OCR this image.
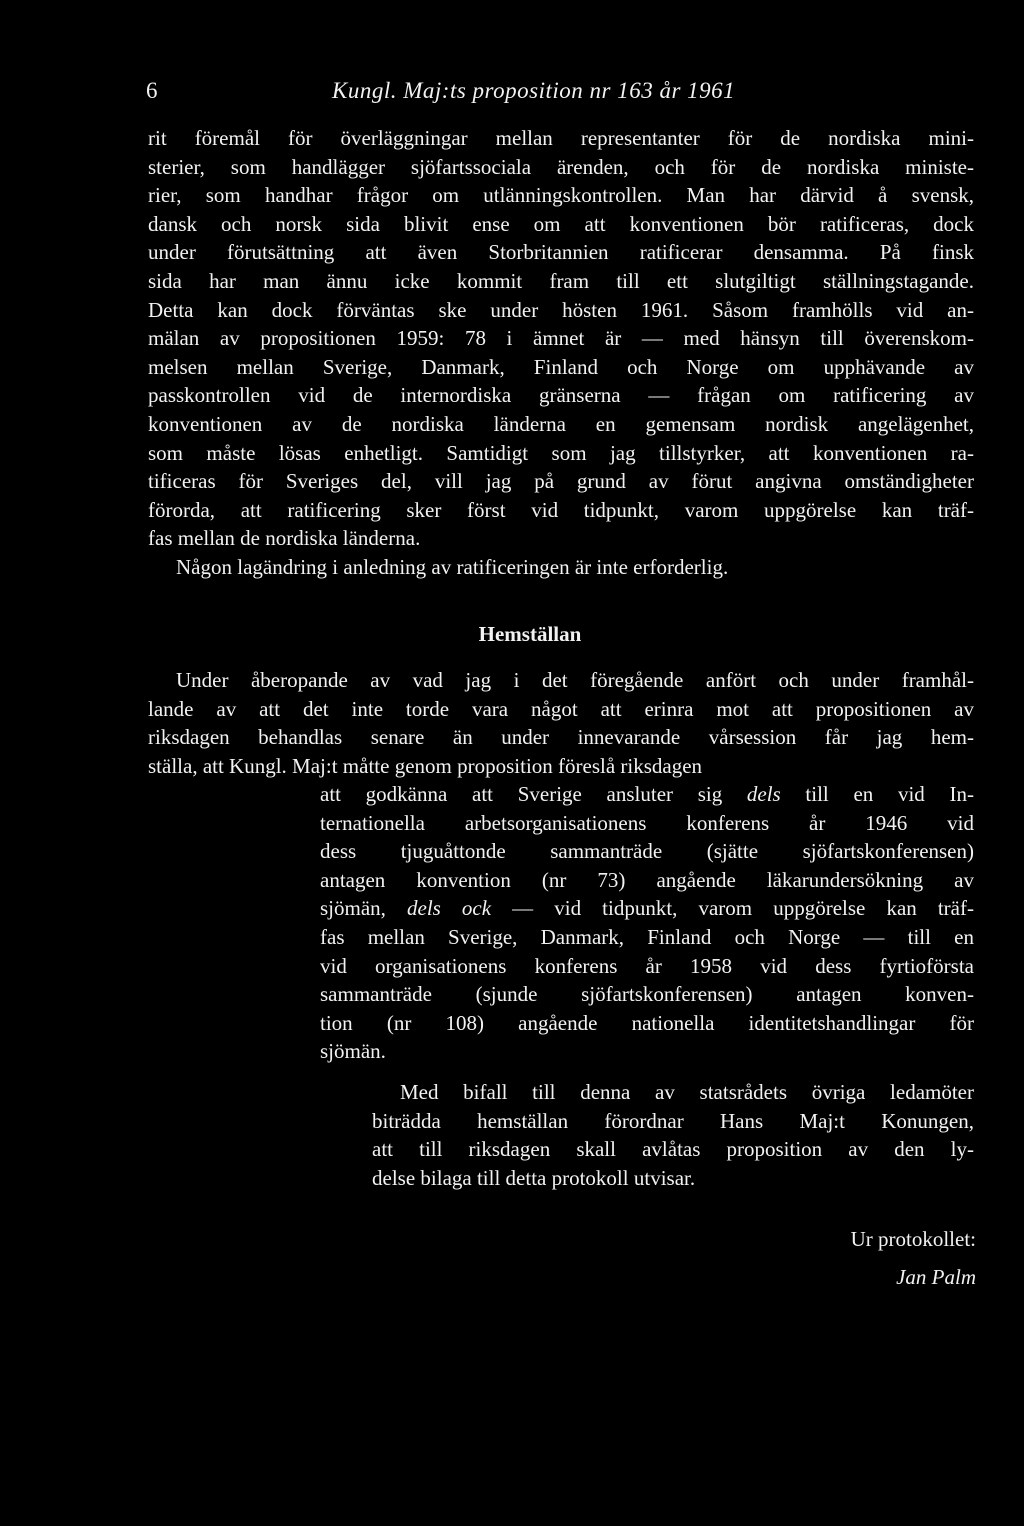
6	Kungl. Maj:ts proposition nr 163 år 1961
rit föremål för överläggningar mellan representanter för de nordiska mini-
sterier, som handlägger sjöfartssociala ärenden, och för de nordiska ministe-
rier, som handhar frågor om utlänningskontrollen. Man har därvid å svensk,
dansk och norsk sida blivit ense om att konventionen bör ratificeras, dock
under förutsättning att även Storbritannien ratificerar densamma. På finsk
sida har man ännu icke kommit fram till ett slutgiltigt ställningstagande.
Detta kan dock förväntas ske under hösten 1961. Såsom framhölls vid an-
mälan av propositionen 1959: 78 i ämnet är — med hänsyn till överenskom-
melsen mellan Sverige, Danmark, Finland och Norge om upphävande av
passkontrollen vid de internordiska gränserna — frågan om ratificering av
konventionen av de nordiska länderna en gemensam nordisk angelägenhet,
som måste lösas enhetligt. Samtidigt som jag tillstyrker, att konventionen ra-
tificeras för Sveriges del, vill jag på grund av förut angivna omständigheter
förorda, att ratificering sker först vid tidpunkt, varom uppgörelse kan träf-
fas mellan de nordiska länderna.
Någon lagändring i anledning av ratificeringen är inte erforderlig.
Hemställan
Under åberopande av vad jag i det föregående anfört och under framhål-
lande av att det inte torde vara något att erinra mot att propositionen av
riksdagen behandlas senare än under innevarande vårsession får jag hem-
ställa, att Kungl. Maj:t måtte genom proposition föreslå riksdagen
att godkänna att Sverige ansluter sig dels till en vid In-
ternationella arbetsorganisationens konferens år 1946 vid
dess tjuguåttonde sammanträde (sjätte sjöfartskonferensen)
antagen konvention (nr 73) angående läkarundersökning av
sjömän, dels ock — vid tidpunkt, varom uppgörelse kan träf-
fas mellan Sverige, Danmark, Finland och Norge — till en
vid organisationens konferens år 1958 vid dess fyrtioförsta
sammanträde (sjunde sjöfartskonferensen) antagen konven-
tion (nr 108) angående nationella identitetshandlingar för
sjömän.
Med bifall till denna av statsrådets övriga ledamöter
biträdda hemställan förordnar Hans Maj:t Konungen,
att till riksdagen skall avlåtas proposition av den ly-
delse bilaga till detta protokoll utvisar.
Ur protokollet:
Jan Palm
